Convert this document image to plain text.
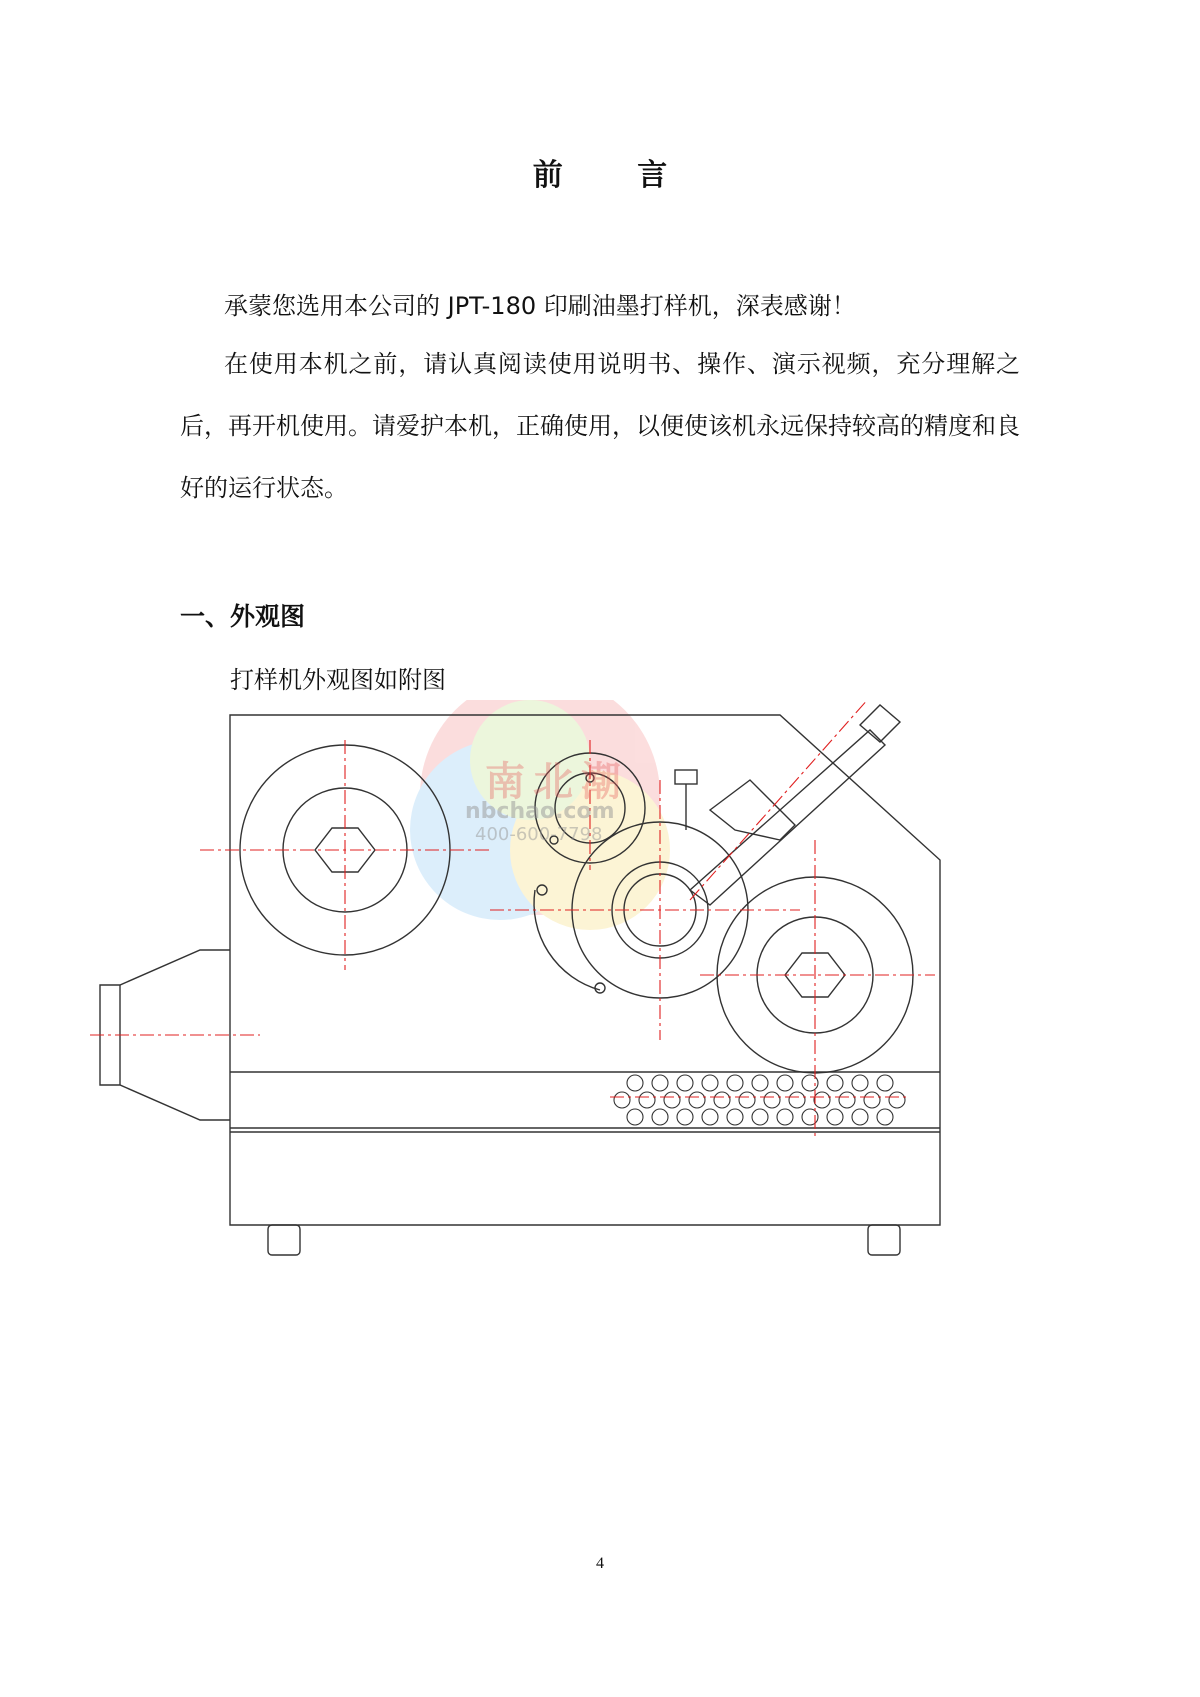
前 言

承蒙您选用本公司的 JPT-180 印刷油墨打样机，深表感谢！

在使用本机之前，请认真阅读使用说明书、操作、演示视频，充分理解之后，再开机使用。请爱护本机，正确使用，以便使该机永远保持较高的精度和良好的运行状态。

一、外观图
打样机外观图如附图
南北潮
nbchao.com
400-600-7798
4
